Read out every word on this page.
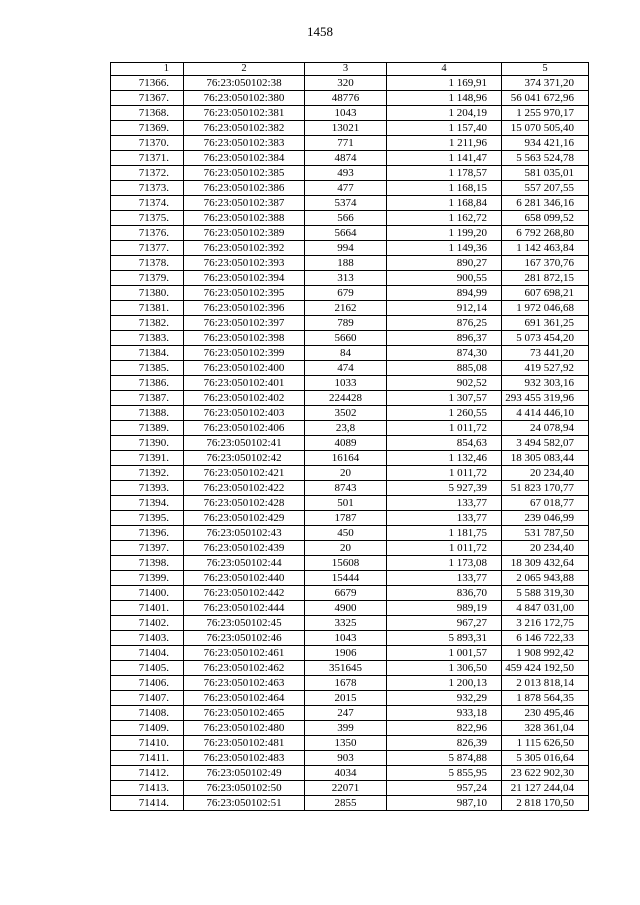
1458
1	2	3	4	5
71366.	76:23:050102:38	320	1 169,91	374 371,20
71367.	76:23:050102:380	48776	1 148,96	56 041 672,96
71368.	76:23:050102:381	1043	1 204,19	1 255 970,17
71369.	76:23:050102:382	13021	1 157,40	15 070 505,40
71370.	76:23:050102:383	771	1 211,96	934 421,16
71371.	76:23:050102:384	4874	1 141,47	5 563 524,78
71372.	76:23:050102:385	493	1 178,57	581 035,01
71373.	76:23:050102:386	477	1 168,15	557 207,55
71374.	76:23:050102:387	5374	1 168,84	6 281 346,16
71375.	76:23:050102:388	566	1 162,72	658 099,52
71376.	76:23:050102:389	5664	1 199,20	6 792 268,80
71377.	76:23:050102:392	994	1 149,36	1 142 463,84
71378.	76:23:050102:393	188	890,27	167 370,76
71379.	76:23:050102:394	313	900,55	281 872,15
71380.	76:23:050102:395	679	894,99	607 698,21
71381.	76:23:050102:396	2162	912,14	1 972 046,68
71382.	76:23:050102:397	789	876,25	691 361,25
71383.	76:23:050102:398	5660	896,37	5 073 454,20
71384.	76:23:050102:399	84	874,30	73 441,20
71385.	76:23:050102:400	474	885,08	419 527,92
71386.	76:23:050102:401	1033	902,52	932 303,16
71387.	76:23:050102:402	224428	1 307,57	293 455 319,96
71388.	76:23:050102:403	3502	1 260,55	4 414 446,10
71389.	76:23:050102:406	23,8	1 011,72	24 078,94
71390.	76:23:050102:41	4089	854,63	3 494 582,07
71391.	76:23:050102:42	16164	1 132,46	18 305 083,44
71392.	76:23:050102:421	20	1 011,72	20 234,40
71393.	76:23:050102:422	8743	5 927,39	51 823 170,77
71394.	76:23:050102:428	501	133,77	67 018,77
71395.	76:23:050102:429	1787	133,77	239 046,99
71396.	76:23:050102:43	450	1 181,75	531 787,50
71397.	76:23:050102:439	20	1 011,72	20 234,40
71398.	76:23:050102:44	15608	1 173,08	18 309 432,64
71399.	76:23:050102:440	15444	133,77	2 065 943,88
71400.	76:23:050102:442	6679	836,70	5 588 319,30
71401.	76:23:050102:444	4900	989,19	4 847 031,00
71402.	76:23:050102:45	3325	967,27	3 216 172,75
71403.	76:23:050102:46	1043	5 893,31	6 146 722,33
71404.	76:23:050102:461	1906	1 001,57	1 908 992,42
71405.	76:23:050102:462	351645	1 306,50	459 424 192,50
71406.	76:23:050102:463	1678	1 200,13	2 013 818,14
71407.	76:23:050102:464	2015	932,29	1 878 564,35
71408.	76:23:050102:465	247	933,18	230 495,46
71409.	76:23:050102:480	399	822,96	328 361,04
71410.	76:23:050102:481	1350	826,39	1 115 626,50
71411.	76:23:050102:483	903	5 874,88	5 305 016,64
71412.	76:23:050102:49	4034	5 855,95	23 622 902,30
71413.	76:23:050102:50	22071	957,24	21 127 244,04
71414.	76:23:050102:51	2855	987,10	2 818 170,50
